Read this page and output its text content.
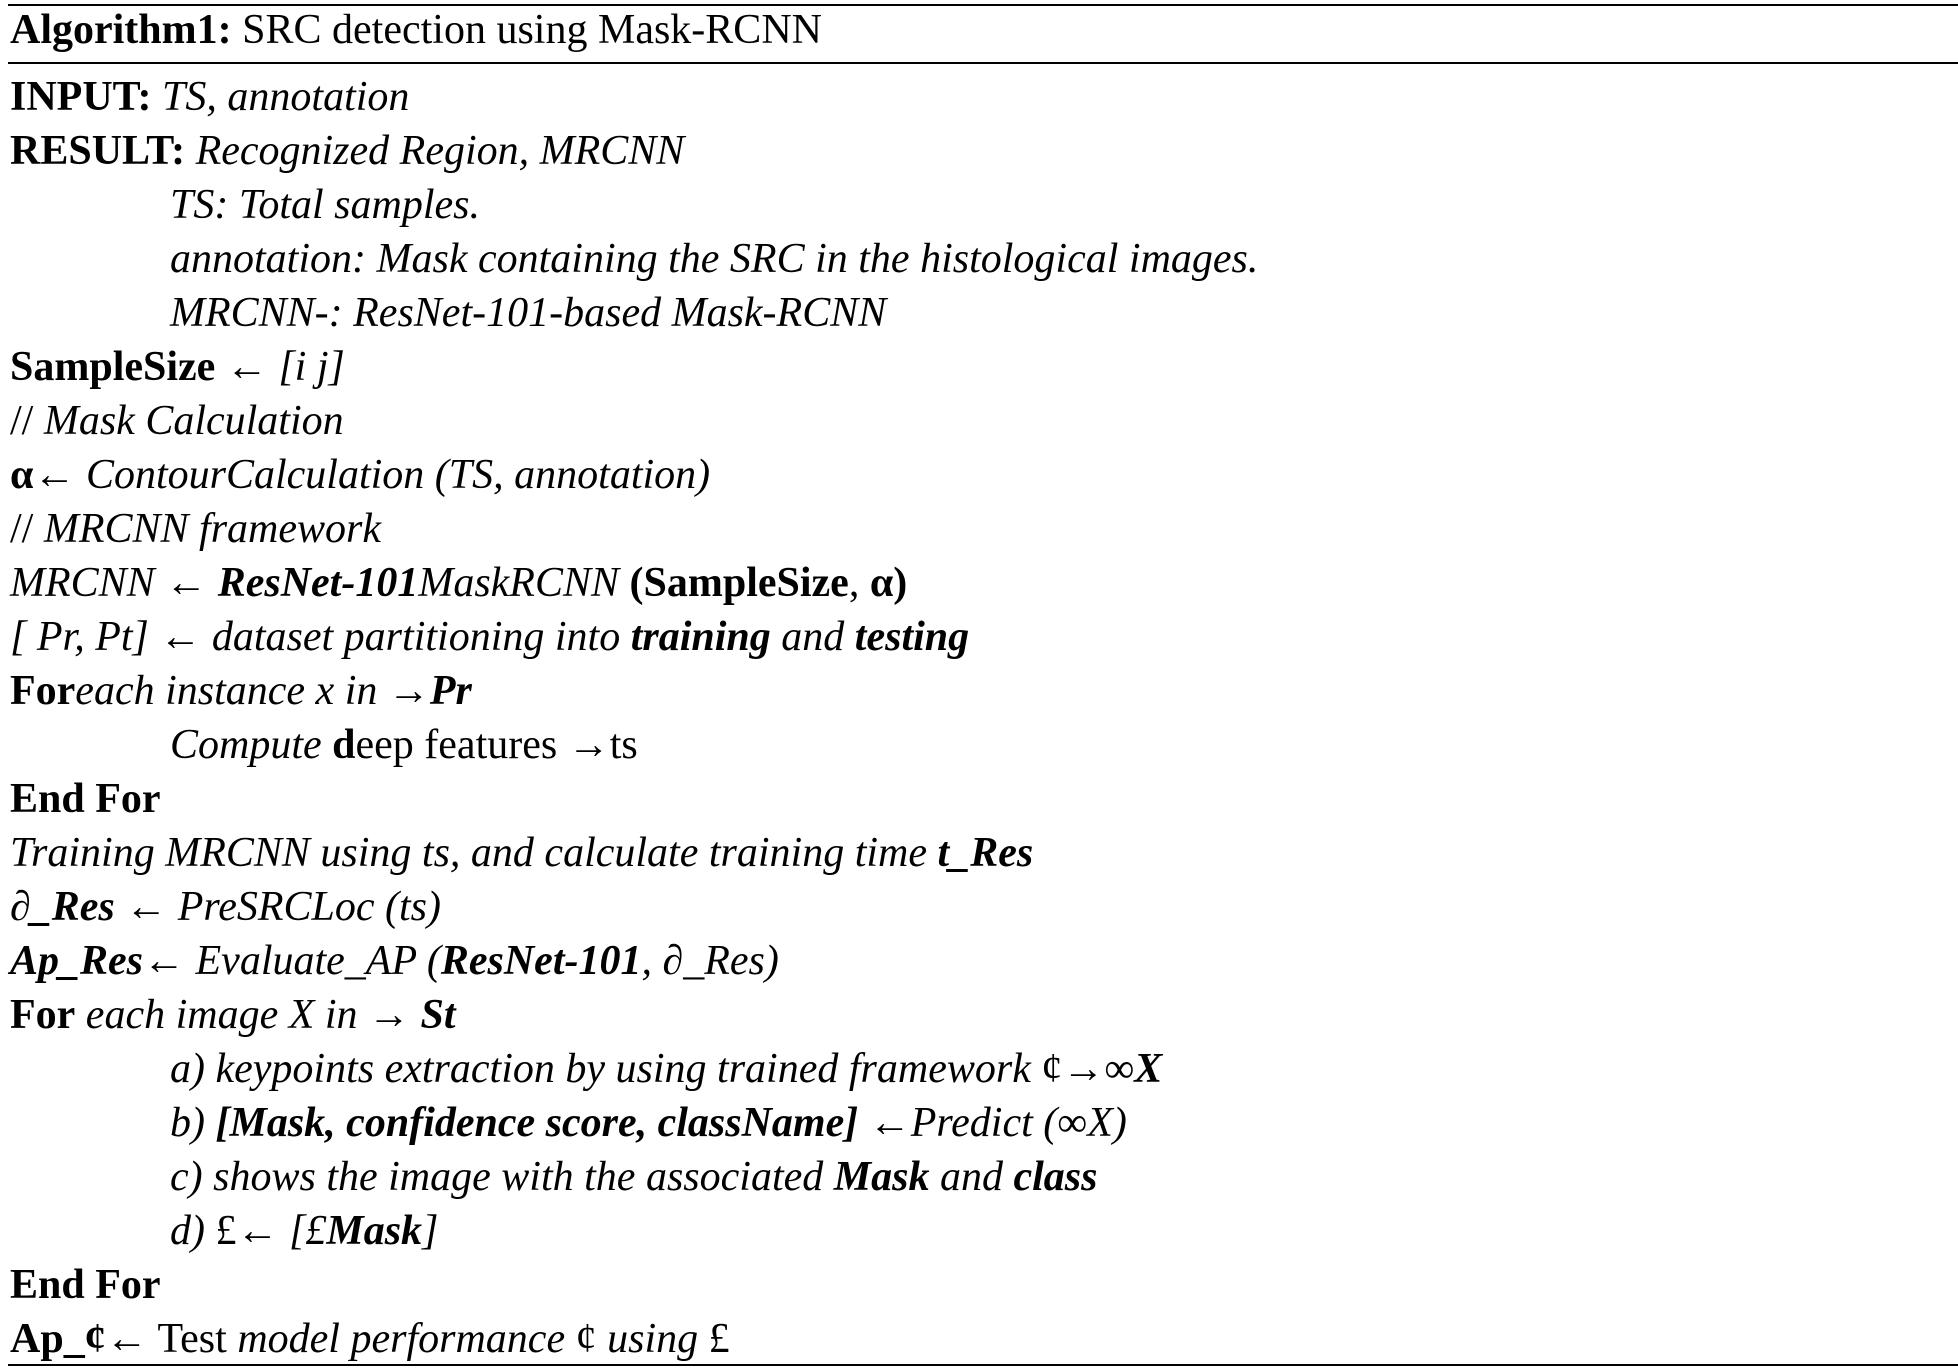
Algorithm1: SRC detection using Mask-RCNN
INPUT: TS, annotation
RESULT: Recognized Region, MRCNN
TS: Total samples.
annotation: Mask containing the SRC in the histological images.
MRCNN-: ResNet-101-based Mask-RCNN
SampleSize ← [i j]
// Mask Calculation
α← ContourCalculation (TS, annotation)
// MRCNN framework
MRCNN ← ResNet-101MaskRCNN (SampleSize, α)
[ Pr, Pt] ← dataset partitioning into training and testing
Foreach instance x in →Pr
Compute deep features →ts
End For
Training MRCNN using ts, and calculate training time t_Res
∂_Res ← PreSRCLoc (ts)
Ap_Res← Evaluate_AP (ResNet-101, ∂_Res)
For each image X in → St
a) keypoints extraction by using trained framework ¢→∞X
b) [Mask, confidence score, className] ←Predict (∞X)
c) shows the image with the associated Mask and class
d) £← [£Mask]
End For
Ap_¢← Test model performance ¢ using £
